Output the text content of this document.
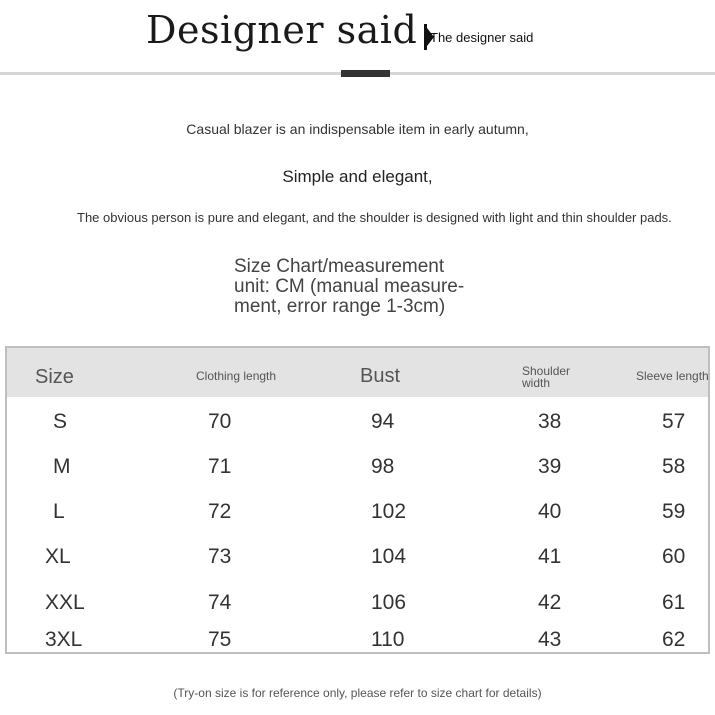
Designer said The designer said
Casual blazer is an indispensable item in early autumn,
Simple and elegant,
The obvious person is pure and elegant, and the shoulder is designed with light and thin shoulder pads.
Size Chart/measurement
unit: CM (manual measure-
ment, error range 1-3cm)
Size	Clothing length	Bust	Shoulder width	Sleeve length
S	70	94	38	57
M	71	98	39	58
L	72	102	40	59
XL	73	104	41	60
XXL	74	106	42	61
3XL	75	110	43	62
(Try-on size is for reference only, please refer to size chart for details)
